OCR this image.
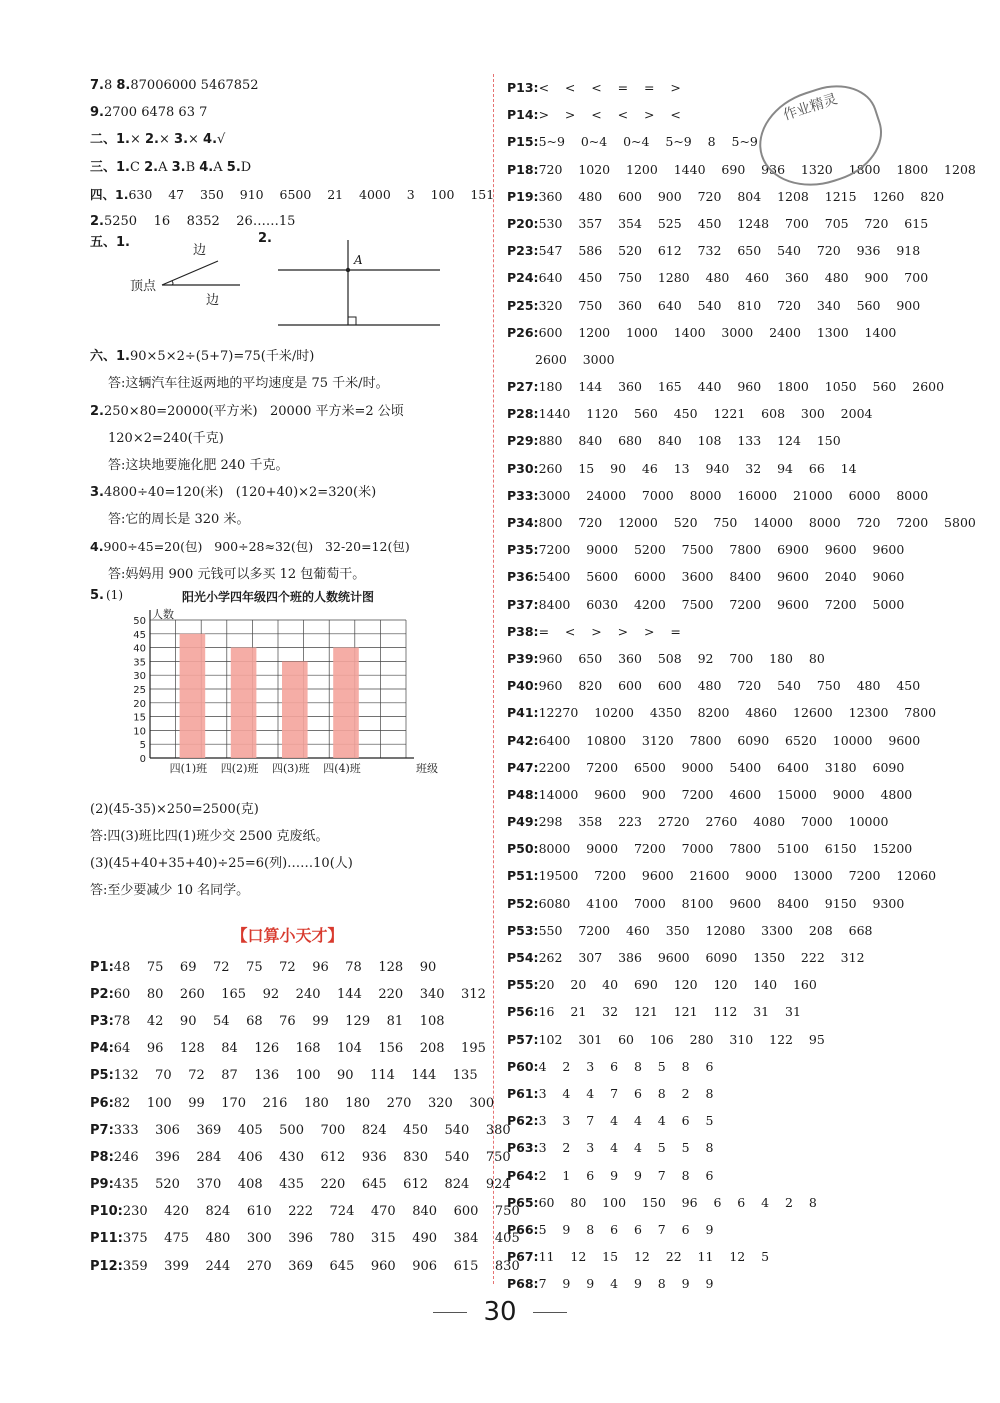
7.8 8.87006000 5467852
9.2700 6478 63 7
二、1.× 2.× 3.× 4.√
三、1.C 2.A 3.B 4.A 5.D
四、1.630    47    350    910    6500    21    4000    3    100    151
2.5250    16    8352    26……15
五、1.	2.
边
顶点
边
A
六、1.90×5×2÷(5+7)=75(千米/时)
答:这辆汽车往返两地的平均速度是 75 千米/时。
2.250×80=20000(平方米)   20000 平方米=2 公顷
120×2=240(千克)
答:这块地要施化肥 240 千克。
3.4800÷40=120(米)   (120+40)×2=320(米)
答:它的周长是 320 米。
4.900÷45=20(包)   900÷28≈32(包)   32-20=12(包)
答:妈妈用 900 元钱可以多买 12 包葡萄干。
5. (1)	阳光小学四年级四个班的人数统计图
0
5
10
15
20
25
30
35
40
45
50
人数
四(1)班 四(2)班 四(3)班 四(4)班	班级
(2)(45-35)×250=2500(克)
答:四(3)班比四(1)班少交 2500 克废纸。
(3)(45+40+35+40)÷25=6(列)……10(人)
答:至少要减少 10 名同学。
【口算小天才】
P1:48    75    69    72    75    72    96    78    128    90
P2:60    80    260    165    92    240    144    220    340    312
P3:78    42    90    54    68    76    99    129    81    108
P4:64    96    128    84    126    168    104    156    208    195
P5:132    70    72    87    136    100    90    114    144    135
P6:82    100    99    170    216    180    180    270    320    300
P7:333    306    369    405    500    700    824    450    540    380
P8:246    396    284    406    430    612    936    830    540    750
P9:435    520    370    408    435    220    645    612    824    924
P10:230    420    824    610    222    724    470    840    600    750
P11:375    475    480    300    396    780    315    490    384    405
P12:359    399    244    270    369    645    960    906    615    830
P13:<    <    <    =    =    >
P14:>    >    <    <    >    <
P15:5~9    0~4    0~4    5~9    8    5~9
P18:720    1020    1200    1440    690    936    1320    1800    1800    1208
P19:360    480    600    900    720    804    1208    1215    1260    820
P20:530    357    354    525    450    1248    700    705    720    615
P23:547    586    520    612    732    650    540    720    936    918
P24:640    450    750    1280    480    460    360    480    900    700
P25:320    750    360    640    540    810    720    340    560    900
P26:600    1200    1000    1400    3000    2400    1300    1400
2600    3000
P27:180    144    360    165    440    960    1800    1050    560    2600
P28:1440    1120    560    450    1221    608    300    2004
P29:880    840    680    840    108    133    124    150
P30:260    15    90    46    13    940    32    94    66    14
P33:3000    24000    7000    8000    16000    21000    6000    8000
P34:800    720    12000    520    750    14000    8000    720    7200    5800
P35:7200    9000    5200    7500    7800    6900    9600    9600
P36:5400    5600    6000    3600    8400    9600    2040    9060
P37:8400    6030    4200    7500    7200    9600    7200    5000
P38:=    <    >    >    >    =
P39:960    650    360    508    92    700    180    80
P40:960    820    600    600    480    720    540    750    480    450
P41:12270    10200    4350    8200    4860    12600    12300    7800
P42:6400    10800    3120    7800    6090    6520    10000    9600
P47:2200    7200    6500    9000    5400    6400    3180    6090
P48:14000    9600    900    7200    4600    15000    9000    4800
P49:298    358    223    2720    2760    4080    7000    10000
P50:8000    9000    7200    7000    7800    5100    6150    15200
P51:19500    7200    9600    21600    9000    13000    7200    12060
P52:6080    4100    7000    8100    9600    8400    9150    9300
P53:550    7200    460    350    12080    3300    208    668
P54:262    307    386    9600    6090    1350    222    312
P55:20    20    40    690    120    120    140    160
P56:16    21    32    121    121    112    31    31
P57:102    301    60    106    280    310    122    95
P60:4    2    3    6    8    5    8    6
P61:3    4    4    7    6    8    2    8
P62:3    3    7    4    4    4    6    5
P63:3    2    3    4    4    5    5    8
P64:2    1    6    9    9    7    8    6
P65:60    80    100    150    96    6    6    4    2    8
P66:5    9    8    6    6    7    6    9
P67:11    12    15    12    22    11    12    5
P68:7    9    9    4    9    8    9    9
作业精灵
30
